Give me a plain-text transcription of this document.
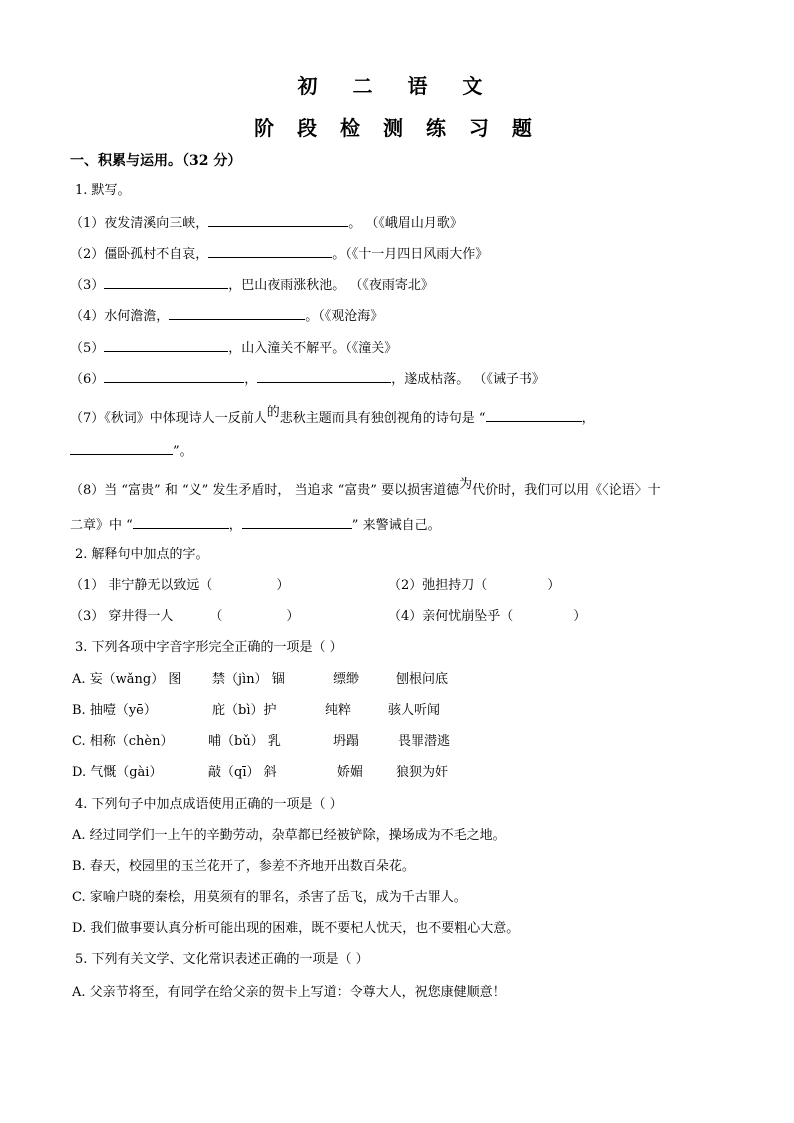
初 二 语 文
阶 段 检 测 练 习 题
一、积累与运用。（32 分）
1. 默写。
（1）夜发清溪向三峡，	。 （《峨眉山月歌》
（2）僵卧孤村不自哀，	。（《十一月四日风雨大作》
（3）	，巴山夜雨涨秋池。 （《夜雨寄北》
（4）水何澹澹，	。（《观沧海》
（5）	，山入潼关不解平。（《潼关》
（6）	，	，遂成枯落。 （《诫子书》
（7）《秋词》中体现诗人一反前人的悲秋主题而具有独创视角的诗句是 “	，
”。
（8）当 “富贵” 和 “义” 发生矛盾时， 当追求 “富贵” 要以损害道德为代价时，我们可以用《〈论语〉十
二章》中 “	，	” 来警诫自己。
2. 解释句中加点的字。
（1） 非宁静无以致远（	）	（2）弛担持刀（	）
（3） 穿井得一人	（	）	（4）亲何忧崩坠乎（	）
3. 下列各项中字音字形完全正确的一项是（ ）
A. 妄（wǎng） 图 禁（jìn） 锢	缥缈	刨根问底
B. 抽噎（yē）	庇（bì）护	纯粹	骇人听闻
C. 相称（chèn）	哺（bǔ） 乳	坍蹋	畏罪潜逃
D. 气慨（gài）	敲（qī） 斜	娇媚	狼狈为奸
4. 下列句子中加点成语使用正确的一项是（ ）
A. 经过同学们一上午的辛勤劳动，杂草都已经被铲除，操场成为不毛之地。
B. 春天，校园里的玉兰花开了，参差不齐地开出数百朵花。
C. 家喻户晓的秦桧，用莫须有的罪名，杀害了岳飞，成为千古罪人。
D. 我们做事要认真分析可能出现的困难，既不要杞人忧天，也不要粗心大意。
5. 下列有关文学、文化常识表述正确的一项是（ ）
A. 父亲节将至，有同学在给父亲的贺卡上写道：令尊大人，祝您康健顺意！
